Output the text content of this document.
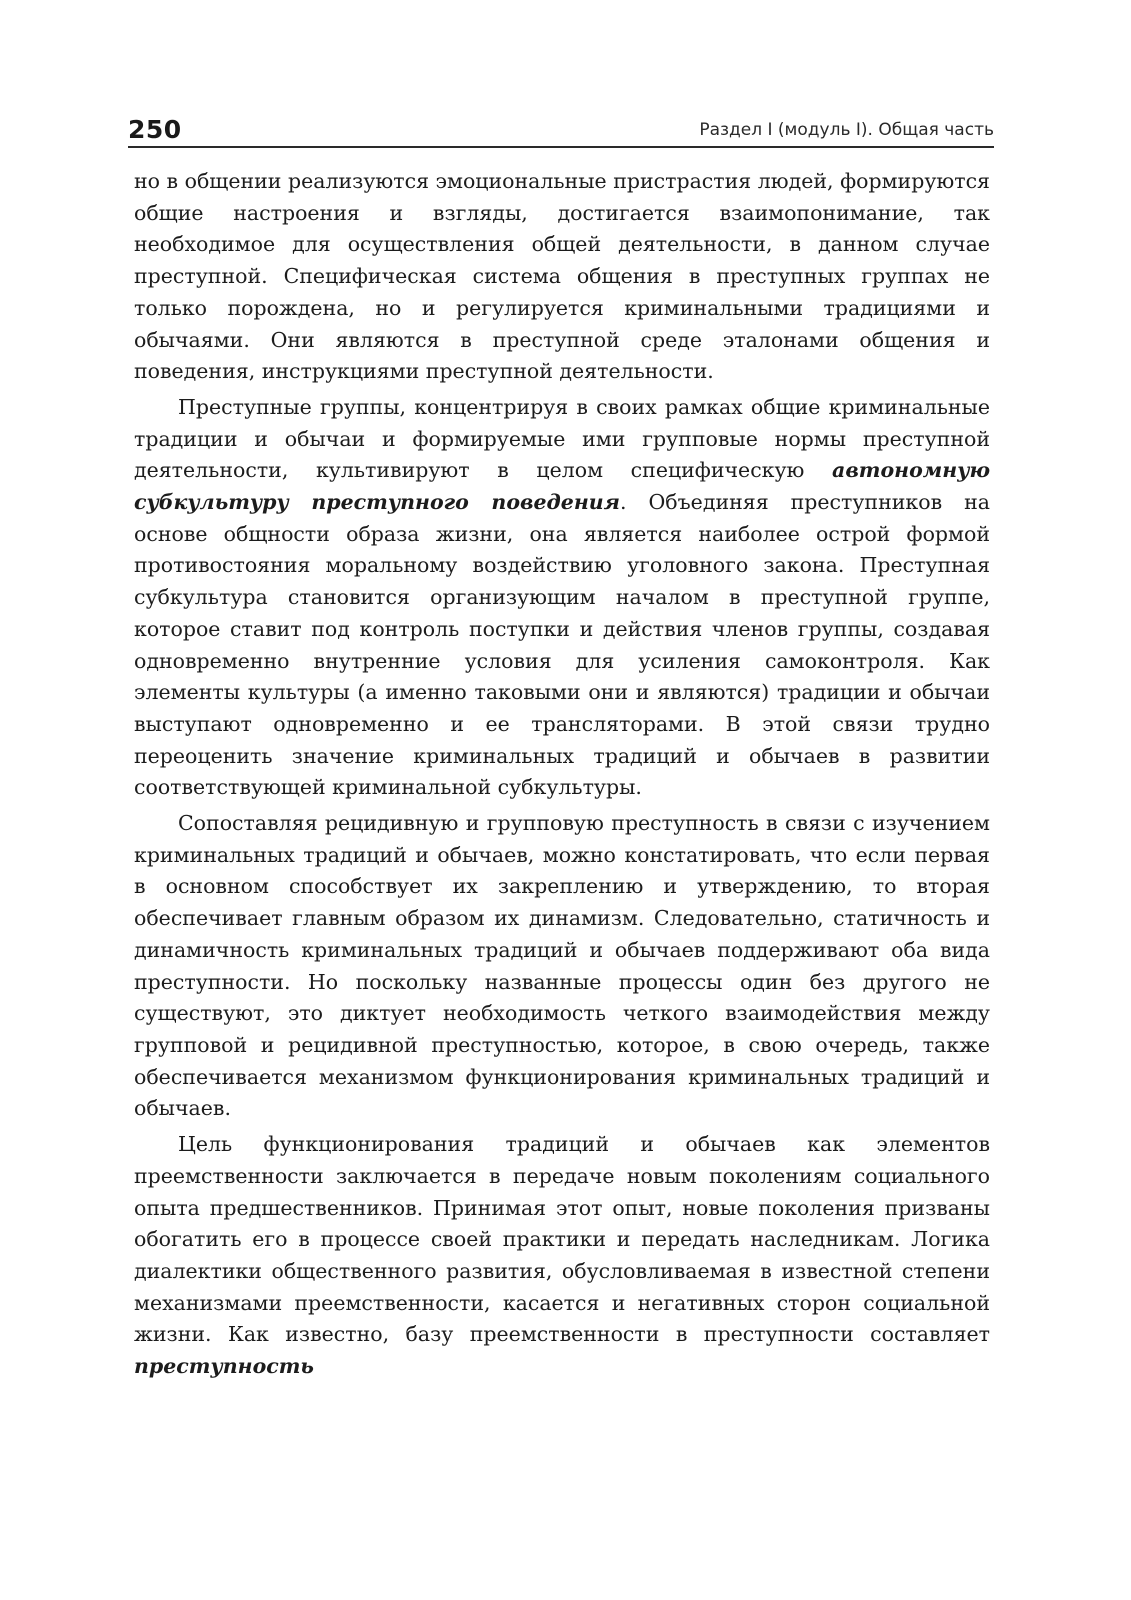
250	Раздел I (модуль I). Общая часть

но в общении реализуются эмоциональные пристрастия людей, формируются общие настроения и взгляды, достигается взаимопонимание, так необходимое для осуществления общей деятельности, в данном случае преступной. Специфическая система общения в преступных группах не только порождена, но и регулируется криминальными традициями и обычаями. Они являются в преступной среде эталонами общения и поведения, инструкциями преступной деятельности.

Преступные группы, концентрируя в своих рамках общие криминальные традиции и обычаи и формируемые ими групповые нормы преступной деятельности, культивируют в целом специфическую автономную субкультуру преступного поведения. Объединяя преступников на основе общности образа жизни, она является наиболее острой формой противостояния моральному воздействию уголовного закона. Преступная субкультура становится организующим началом в преступной группе, которое ставит под контроль поступки и действия членов группы, создавая одновременно внутренние условия для усиления самоконтроля. Как элементы культуры (а именно таковыми они и являются) традиции и обычаи выступают одновременно и ее трансляторами. В этой связи трудно переоценить значение криминальных традиций и обычаев в развитии соответствующей криминальной субкультуры.

Сопоставляя рецидивную и групповую преступность в связи с изучением криминальных традиций и обычаев, можно констатировать, что если первая в основном способствует их закреплению и утверждению, то вторая обеспечивает главным образом их динамизм. Следовательно, статичность и динамичность криминальных традиций и обычаев поддерживают оба вида преступности. Но поскольку названные процессы один без другого не существуют, это диктует необходимость четкого взаимодействия между групповой и рецидивной преступностью, которое, в свою очередь, также обеспечивается механизмом функционирования криминальных традиций и обычаев.

Цель функционирования традиций и обычаев как элементов преемственности заключается в передаче новым поколениям социального опыта предшественников. Принимая этот опыт, новые поколения призваны обогатить его в процессе своей практики и передать наследникам. Логика диалектики общественного развития, обусловливаемая в известной степени механизмами преемственности, касается и негативных сторон социальной жизни. Как известно, базу преемственности в преступности составляет преступность
